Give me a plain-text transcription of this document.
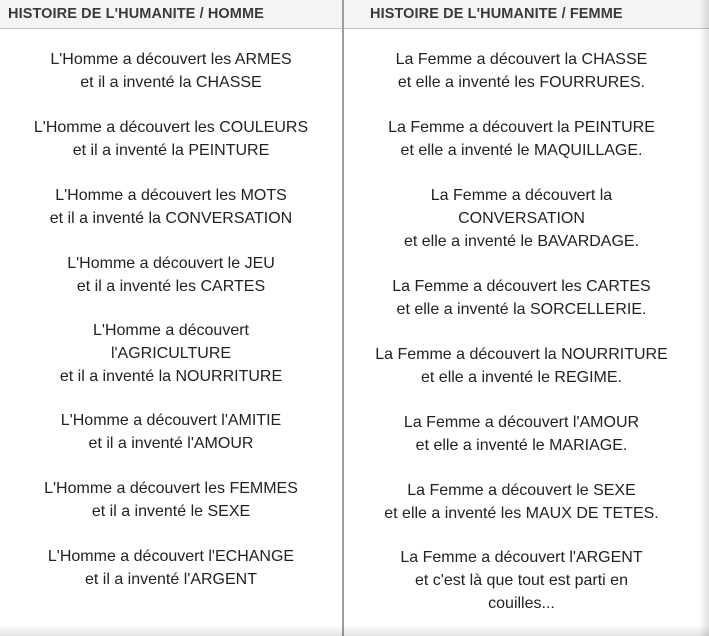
HISTOIRE DE L'HUMANITE / HOMME
L'Homme a découvert les ARMES
et il a inventé la CHASSE
L'Homme a découvert les COULEURS
et il a inventé la PEINTURE
L'Homme a découvert les MOTS
et il a inventé la CONVERSATION
L'Homme a découvert le JEU
et il a inventé les CARTES
L'Homme a découvert
l'AGRICULTURE
et il a inventé la NOURRITURE
L'Homme a découvert l'AMITIE
et il a inventé l'AMOUR
L'Homme a découvert les FEMMES
et il a inventé le SEXE
L'Homme a découvert l'ECHANGE
et il a inventé l'ARGENT
HISTOIRE DE L'HUMANITE / FEMME
La Femme a découvert la CHASSE
et elle a inventé les FOURRURES.
La Femme a découvert la PEINTURE
et elle a inventé le MAQUILLAGE.
La Femme a découvert la
CONVERSATION
et elle a inventé le BAVARDAGE.
La Femme a découvert les CARTES
et elle a inventé la SORCELLERIE.
La Femme a découvert la NOURRITURE
et elle a inventé le REGIME.
La Femme a découvert l'AMOUR
et elle a inventé le MARIAGE.
La Femme a découvert le SEXE
et elle a inventé les MAUX DE TETES.
La Femme a découvert l'ARGENT
et c'est là que tout est parti en
couilles...
